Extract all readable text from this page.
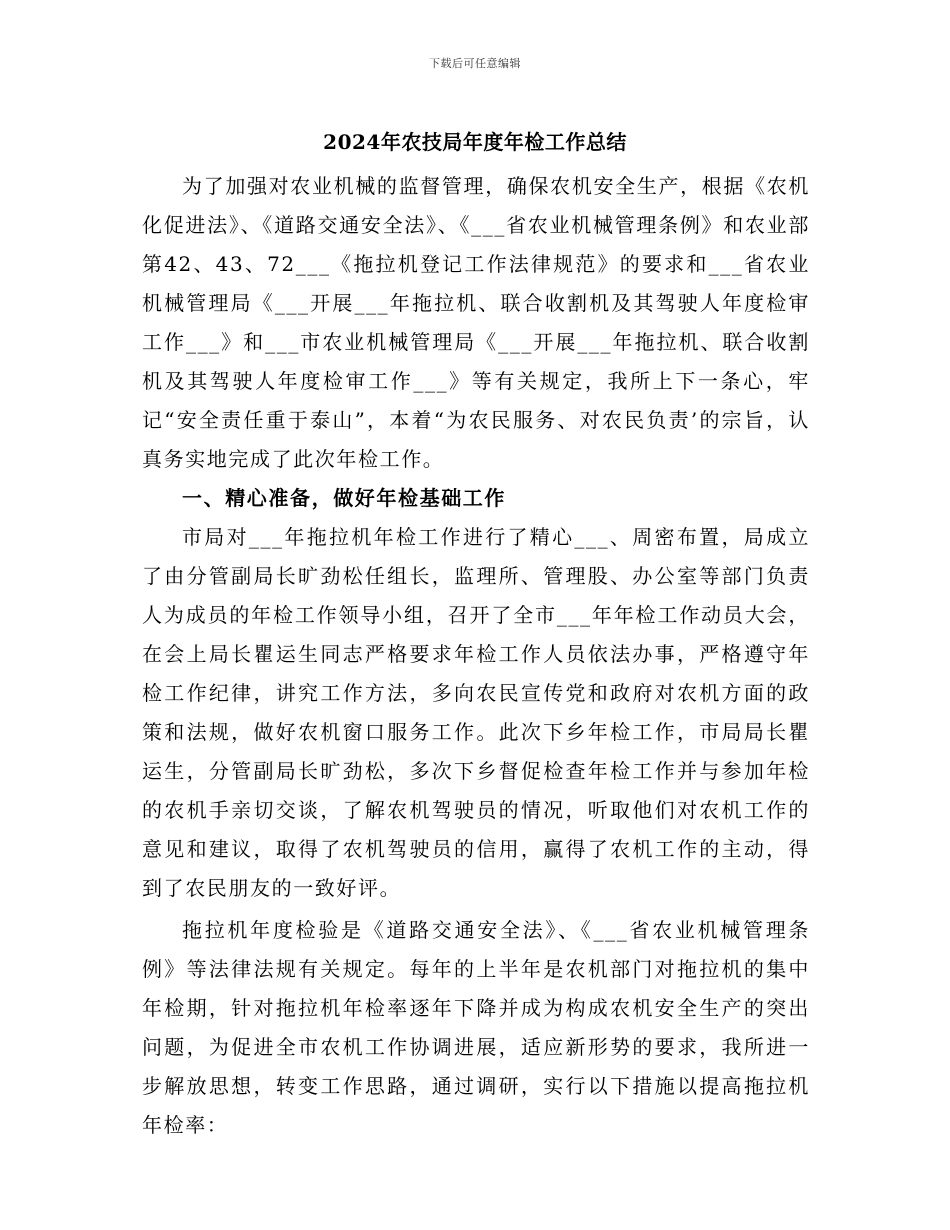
下载后可任意编辑
2024年农技局年度年检工作总结

为了加强对农业机械的监督管理，确保农机安全生产，根据《农机化促进法》、《道路交通安全法》、《___省农业机械管理条例》和农业部第42、43、72___《拖拉机登记工作法律规范》的要求和___省农业机械管理局《___开展___年拖拉机、联合收割机及其驾驶人年度检审工作___》和___市农业机械管理局《___开展___年拖拉机、联合收割机及其驾驶人年度检审工作___》等有关规定，我所上下一条心，牢记“安全责任重于泰山”，本着“为农民服务、对农民负责’的宗旨，认真务实地完成了此次年检工作。

一、精心准备，做好年检基础工作

市局对___年拖拉机年检工作进行了精心___、周密布置，局成立了由分管副局长旷劲松任组长，监理所、管理股、办公室等部门负责人为成员的年检工作领导小组，召开了全市___年年检工作动员大会，在会上局长瞿运生同志严格要求年检工作人员依法办事，严格遵守年检工作纪律，讲究工作方法，多向农民宣传党和政府对农机方面的政策和法规，做好农机窗口服务工作。此次下乡年检工作，市局局长瞿运生，分管副局长旷劲松，多次下乡督促检查年检工作并与参加年检的农机手亲切交谈，了解农机驾驶员的情况，听取他们对农机工作的意见和建议，取得了农机驾驶员的信用，赢得了农机工作的主动，得到了农民朋友的一致好评。

拖拉机年度检验是《道路交通安全法》、《___省农业机械管理条例》等法律法规有关规定。每年的上半年是农机部门对拖拉机的集中年检期，针对拖拉机年检率逐年下降并成为构成农机安全生产的突出问题，为促进全市农机工作协调进展，适应新形势的要求，我所进一步解放思想，转变工作思路，通过调研，实行以下措施以提高拖拉机年检率：
